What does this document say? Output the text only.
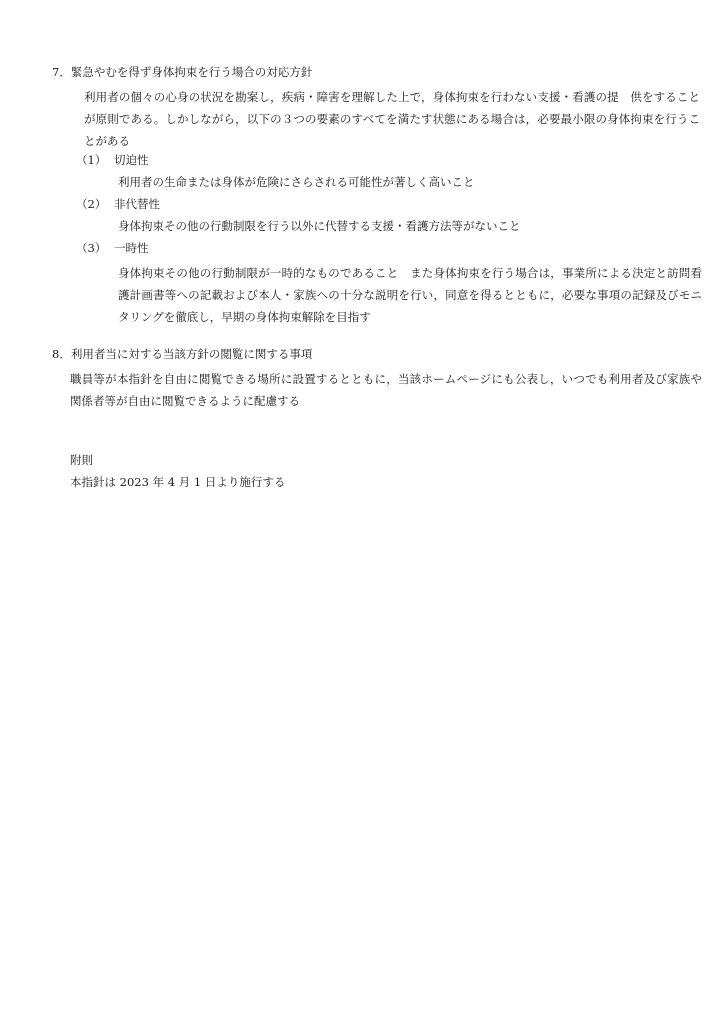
7．緊急やむを得ず身体拘束を行う場合の対応方針
利用者の個々の心身の状況を勘案し，疾病・障害を理解した上で，身体拘束を行わない支援・看護の提　供をすることが原則である。しかしながら，以下の３つの要素のすべてを満たす状態にある場合は，必要最小限の身体拘束を行うことがある
（1） 切迫性
利用者の生命または身体が危険にさらされる可能性が著しく高いこと
（2） 非代替性
身体拘束その他の行動制限を行う以外に代替する支援・看護方法等がないこと
（3） 一時性
身体拘束その他の行動制限が一時的なものであること　また身体拘束を行う場合は，事業所による決定と訪問看護計画書等への記載および本人・家族への十分な説明を行い，同意を得るとともに，必要な事項の記録及びモニタリングを徹底し，早期の身体拘束解除を目指す
8．利用者当に対する当該方針の閲覧に関する事項
職員等が本指針を自由に閲覧できる場所に設置するとともに，当該ホームページにも公表し，いつでも利用者及び家族や関係者等が自由に閲覧できるように配慮する
附則
本指針は 2023 年 4 月 1 日より施行する
